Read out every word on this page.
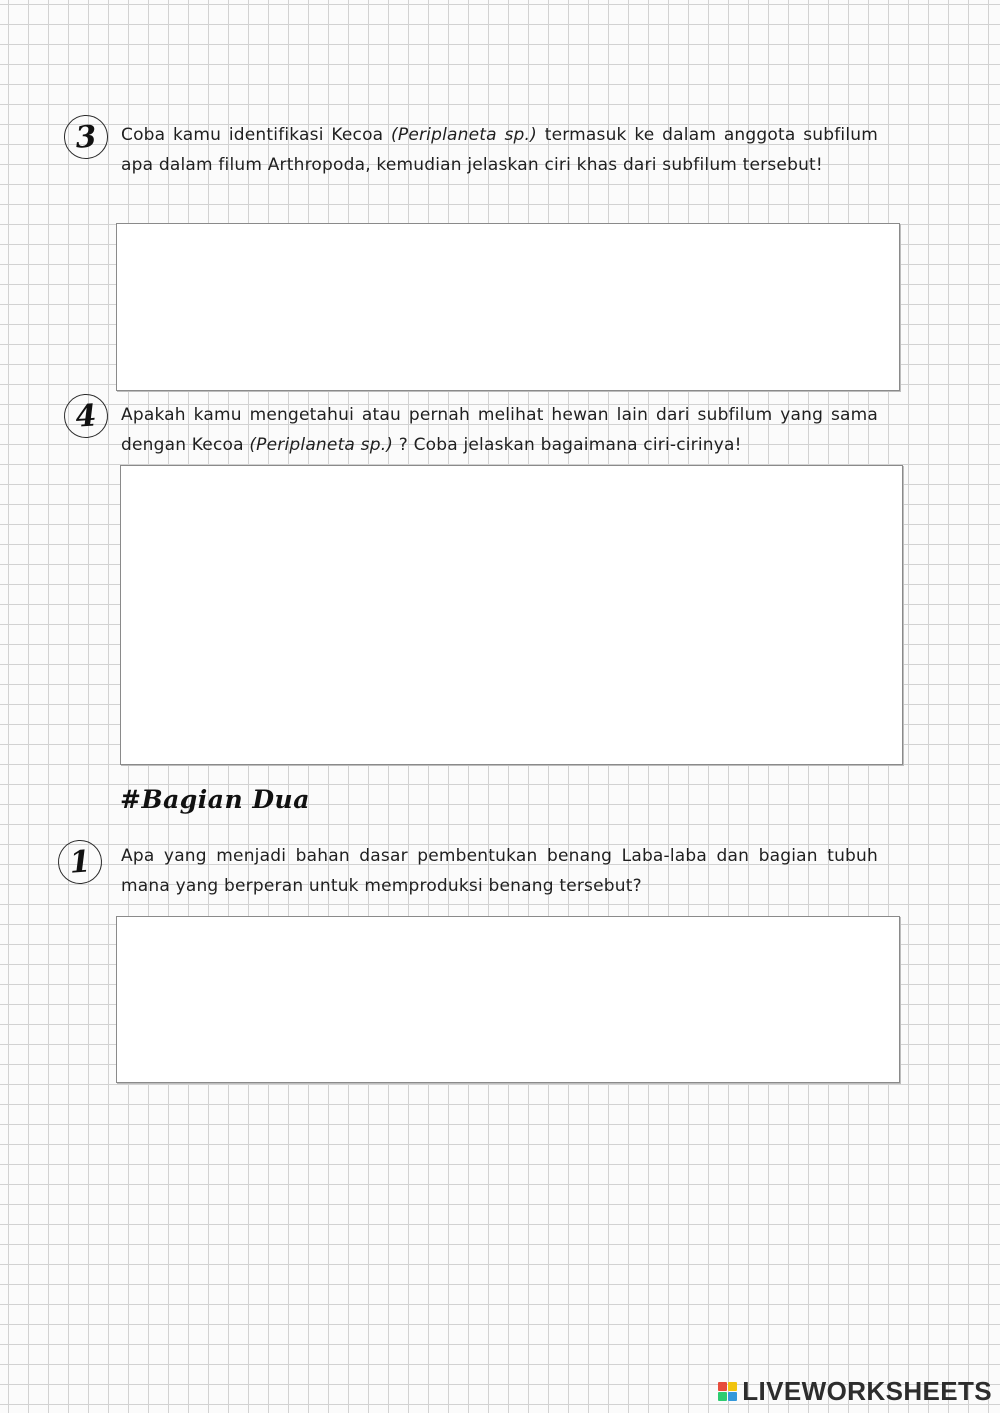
3 Coba kamu identifikasi Kecoa (Periplaneta sp.) termasuk ke dalam anggota subfilum apa dalam filum Arthropoda, kemudian jelaskan ciri khas dari subfilum tersebut!

4 Apakah kamu mengetahui atau pernah melihat hewan lain dari subfilum yang sama dengan Kecoa (Periplaneta sp.) ? Coba jelaskan bagaimana ciri-cirinya!

#Bagian Dua
1 Apa yang menjadi bahan dasar pembentukan benang Laba-laba dan bagian tubuh mana yang berperan untuk memproduksi benang tersebut?

LIVEWORKSHEETS
